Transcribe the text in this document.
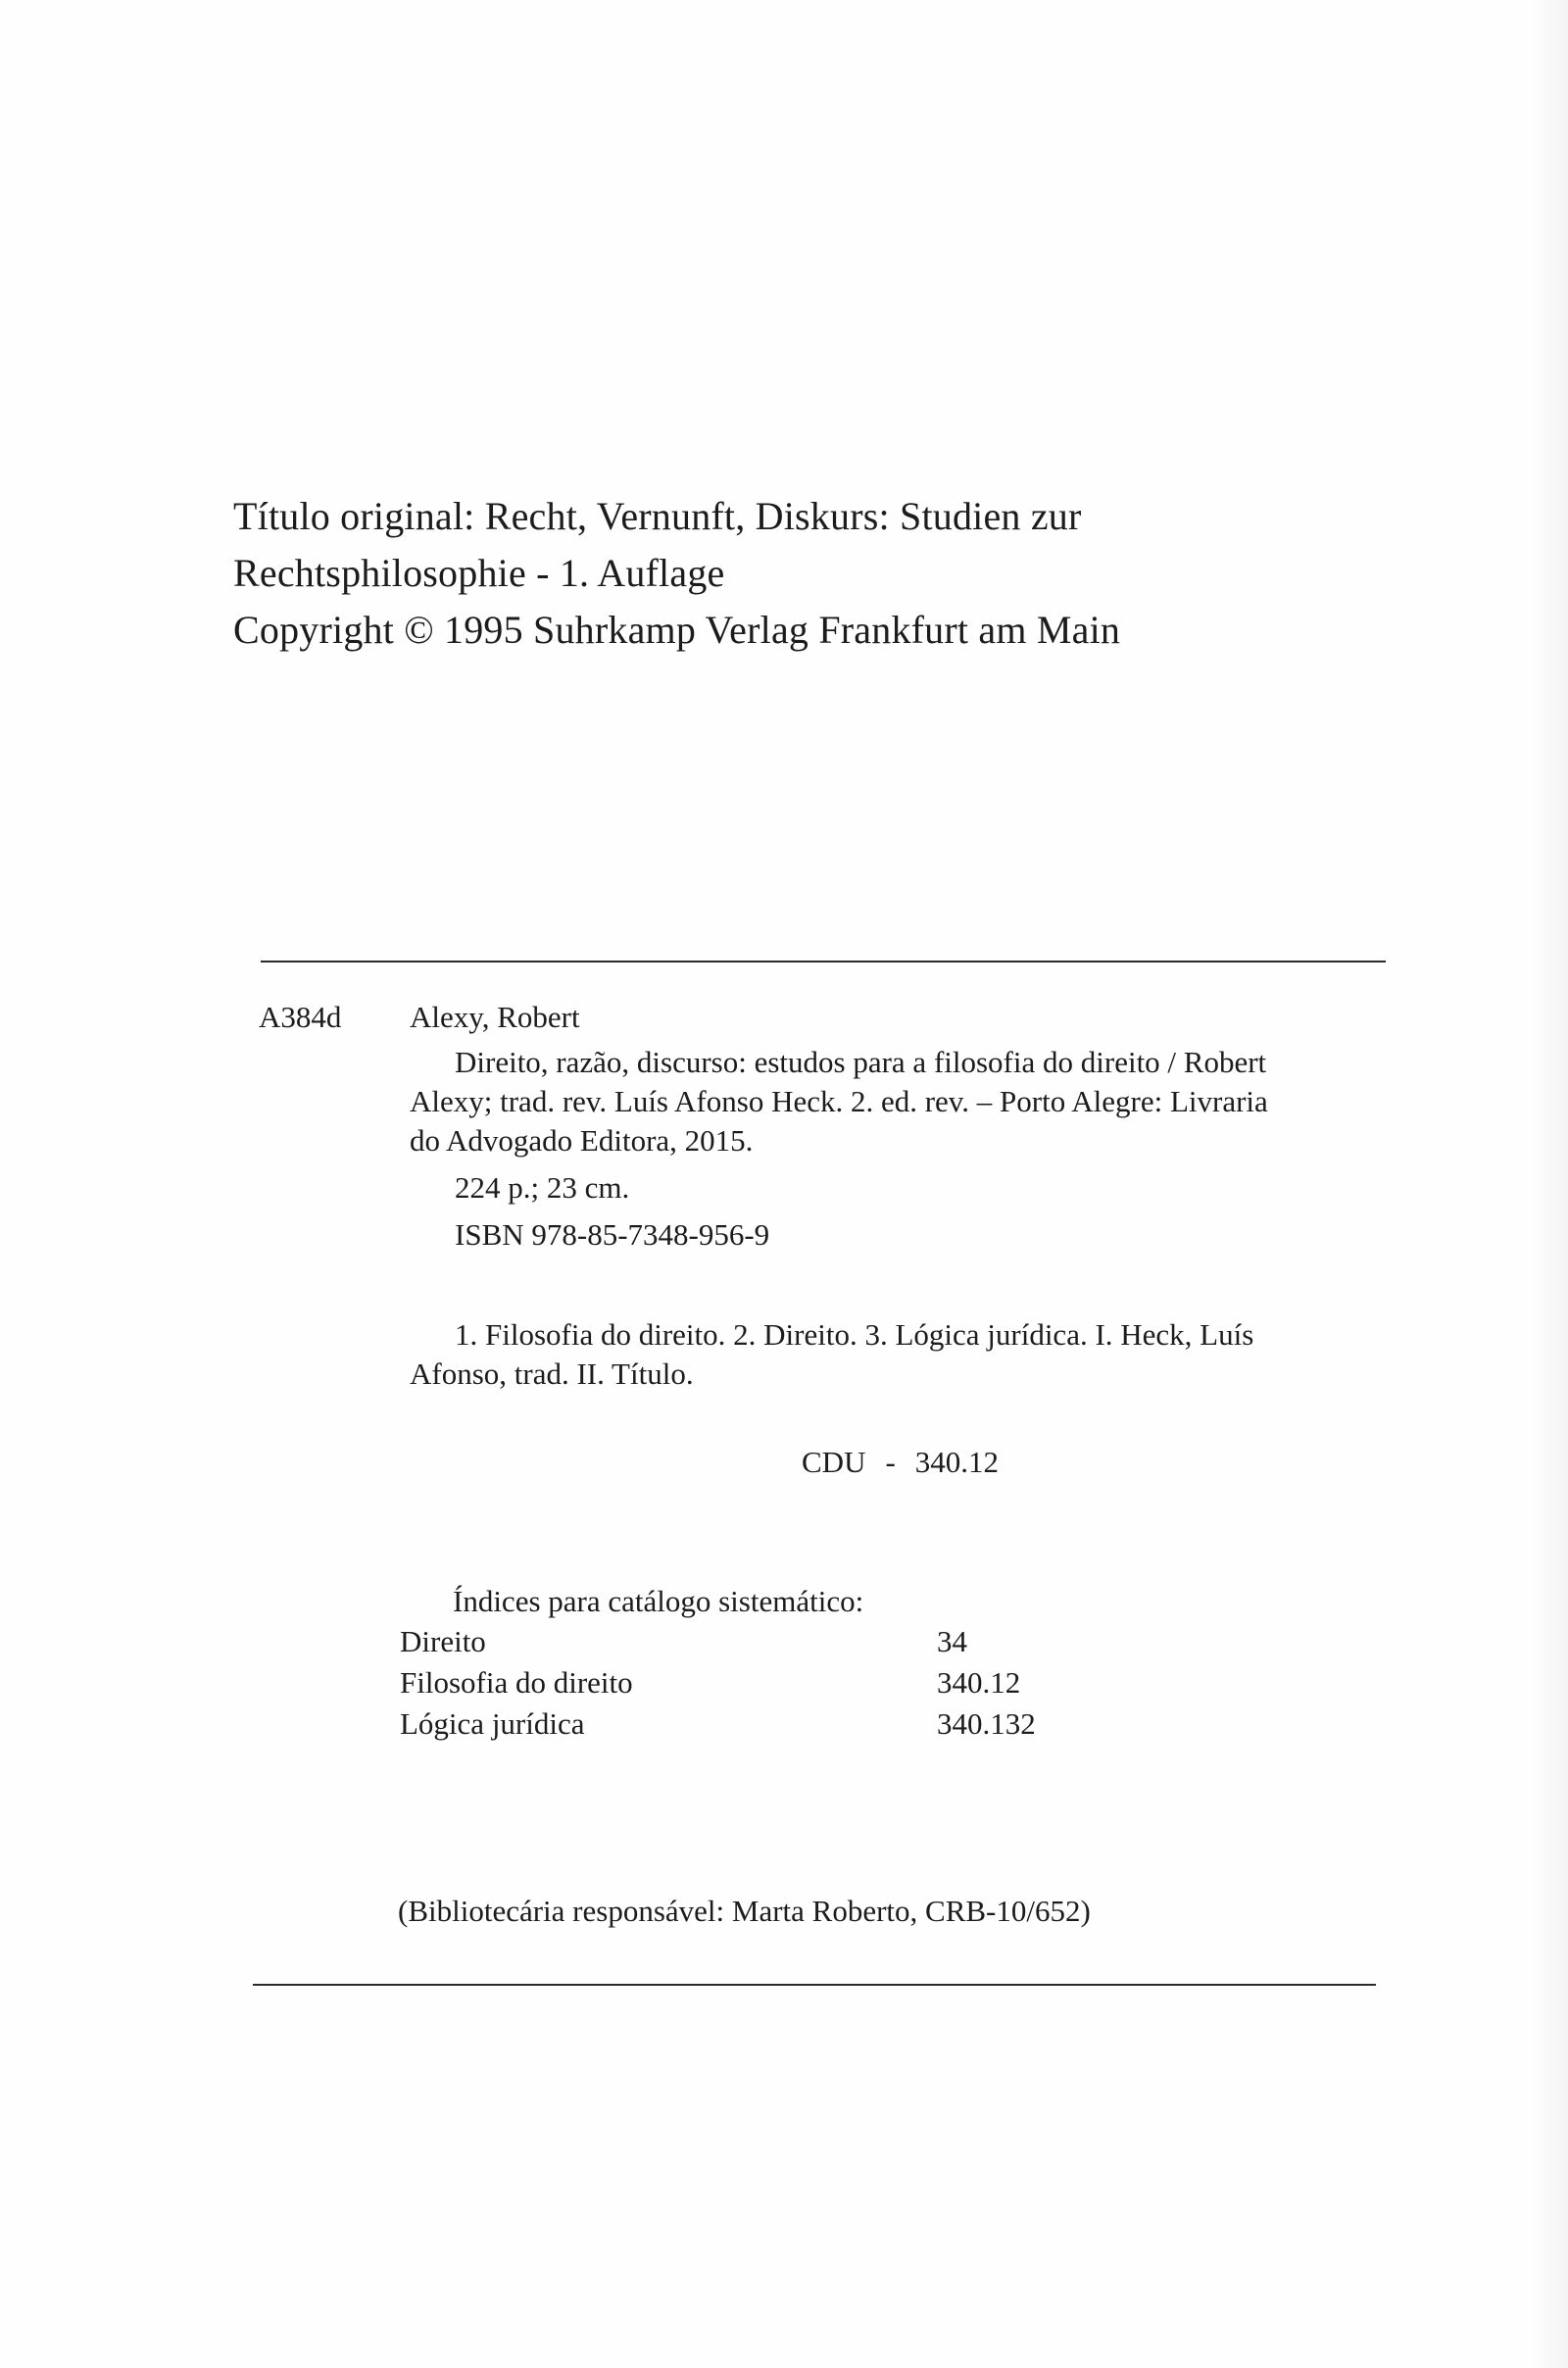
Título original: Recht, Vernunft, Diskurs: Studien zur
Rechtsphilosophie - 1. Auflage
Copyright © 1995 Suhrkamp Verlag Frankfurt am Main
A384d Alexy, Robert
Direito, razão, discurso: estudos para a filosofia do direito / Robert
Alexy; trad. rev. Luís Afonso Heck. 2. ed. rev. – Porto Alegre: Livraria
do Advogado Editora, 2015.
224 p.; 23 cm.
ISBN 978-85-7348-956-9
1. Filosofia do direito. 2. Direito. 3. Lógica jurídica. I. Heck, Luís
Afonso, trad. II. Título.
CDU - 340.12
Índices para catálogo sistemático:
Direito	34
Filosofia do direito	340.12
Lógica jurídica	340.132
(Bibliotecária responsável: Marta Roberto, CRB-10/652)
